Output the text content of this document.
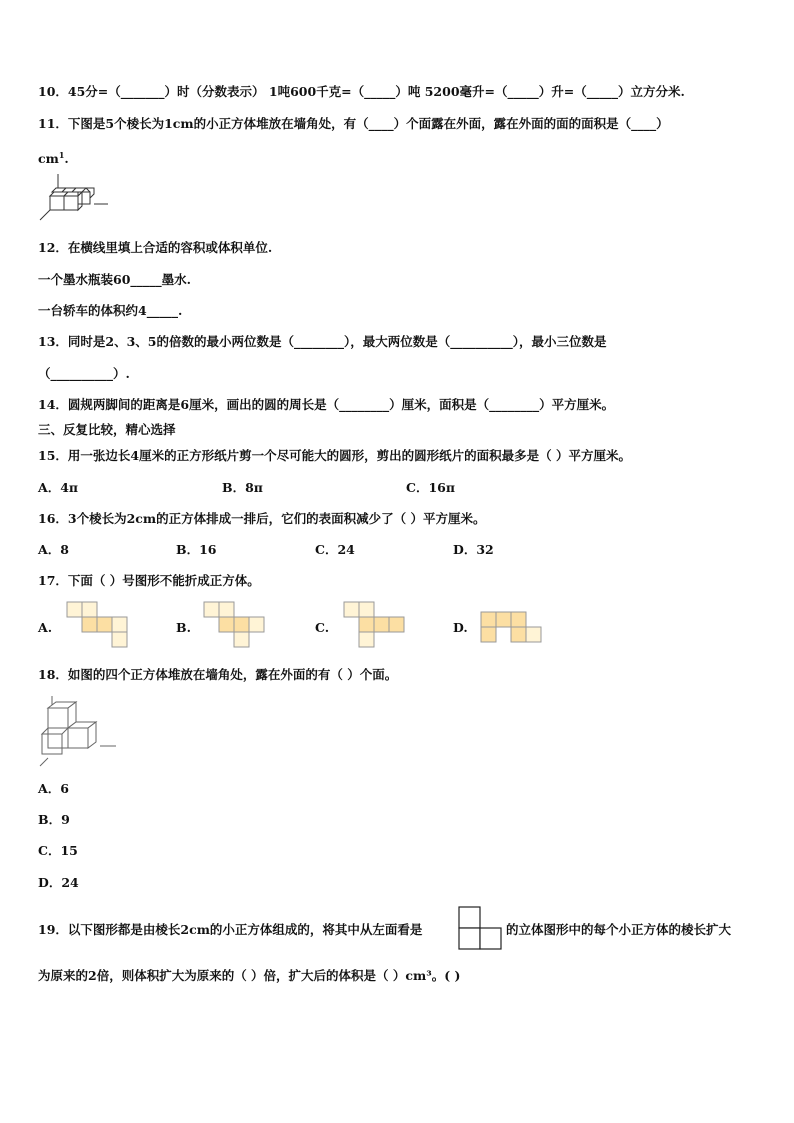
10．45分=（_______）时（分数表示） 1吨600千克=（_____）吨 5200毫升=（_____）升=（_____）立方分米.
11．下图是5个棱长为1cm的小正方体堆放在墙角处，有（____）个面露在外面，露在外面的面的面积是（____）
$cm^1$.
12．在横线里填上合适的容积或体积单位.
一个墨水瓶装60_____墨水.
一台轿车的体积约4_____.
13．同时是2、3、5的倍数的最小两位数是（________），最大两位数是（__________），最小三位数是
（__________）.
14．圆规两脚间的距离是6厘米，画出的圆的周长是（________）厘米，面积是（________）平方厘米。
三、反复比较，精心选择
15．用一张边长4厘米的正方形纸片剪一个尽可能大的圆形，剪出的圆形纸片的面积最多是（ ）平方厘米。
A．4π	B．8π	C．16π
16．3个棱长为2cm的正方体排成一排后，它们的表面积减少了（ ）平方厘米。
A．8	B．16	C．24	D．32
17．下面（ ）号图形不能折成正方体。
A.	B.	C.	D.
18．如图的四个正方体堆放在墙角处，露在外面的有（ ）个面。
A．6
B．9
C．15
D．24
19．以下图形都是由棱长2cm的小正方体组成的，将其中从左面看是	的立体图形中的每个小正方体的棱长扩大
为原来的2倍，则体积扩大为原来的（ ）倍，扩大后的体积是（ ）cm³。( )
